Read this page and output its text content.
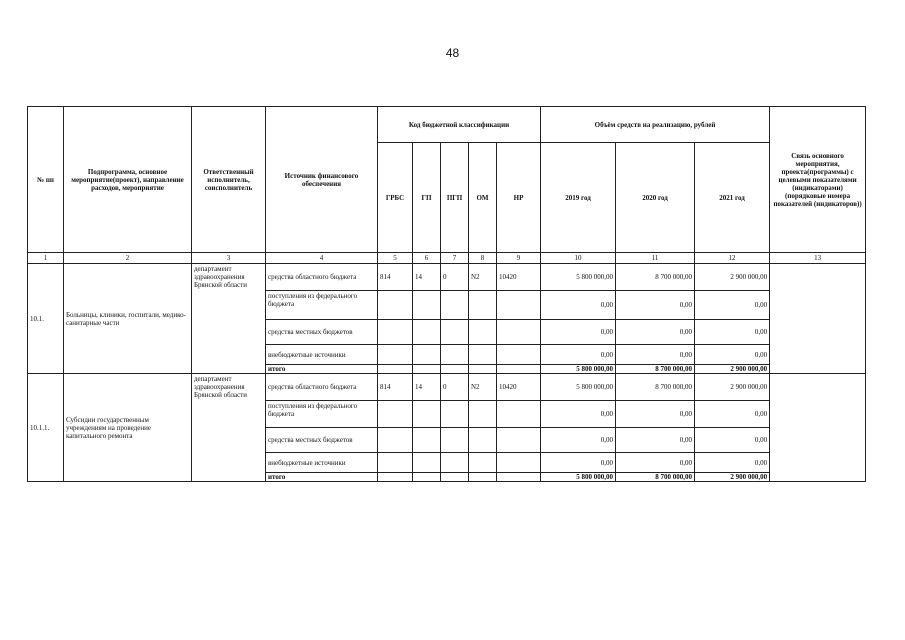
48
№ пп	Подпрограмма, основное мероприятие(проект), направление расходов, мероприятие	Ответственный исполнитель, соисполнитель	Источник финансового обеспечения	Код бюджетной классификации					Объём средств на реализацию, рублей			Связь основного мероприятия, проекта(программы) с целевыми показателями (индикаторами) (порядковые номера показателей (индикаторов))
				ГРБС	ГП	ПГП	ОМ	НР	2019 год	2020 год	2021 год	
1	2	3	4	5	6	7	8	9	10	11	12	13
10.1.	Больницы, клиники, госпитали, медико-санитарные части	департамент здравоохранения Брянской области	средства областного бюджета	814	14	0	N2	10420	5 800 000,00	8 700 000,00	2 900 000,00	
			поступления из федерального бюджета						0,00	0,00	0,00	
			средства местных бюджетов						0,00	0,00	0,00	
			внебюджетные источники						0,00	0,00	0,00	
			итого						5 800 000,00	8 700 000,00	2 900 000,00	
10.1.1.	Субсидии государственным учреждениям на проведение капитального ремонта	департамент здравоохранения Брянской области	средства областного бюджета	814	14	0	N2	10420	5 800 000,00	8 700 000,00	2 900 000,00	
			поступления из федерального бюджета						0,00	0,00	0,00	
			средства местных бюджетов						0,00	0,00	0,00	
			внебюджетные источники						0,00	0,00	0,00	
			итого						5 800 000,00	8 700 000,00	2 900 000,00	
